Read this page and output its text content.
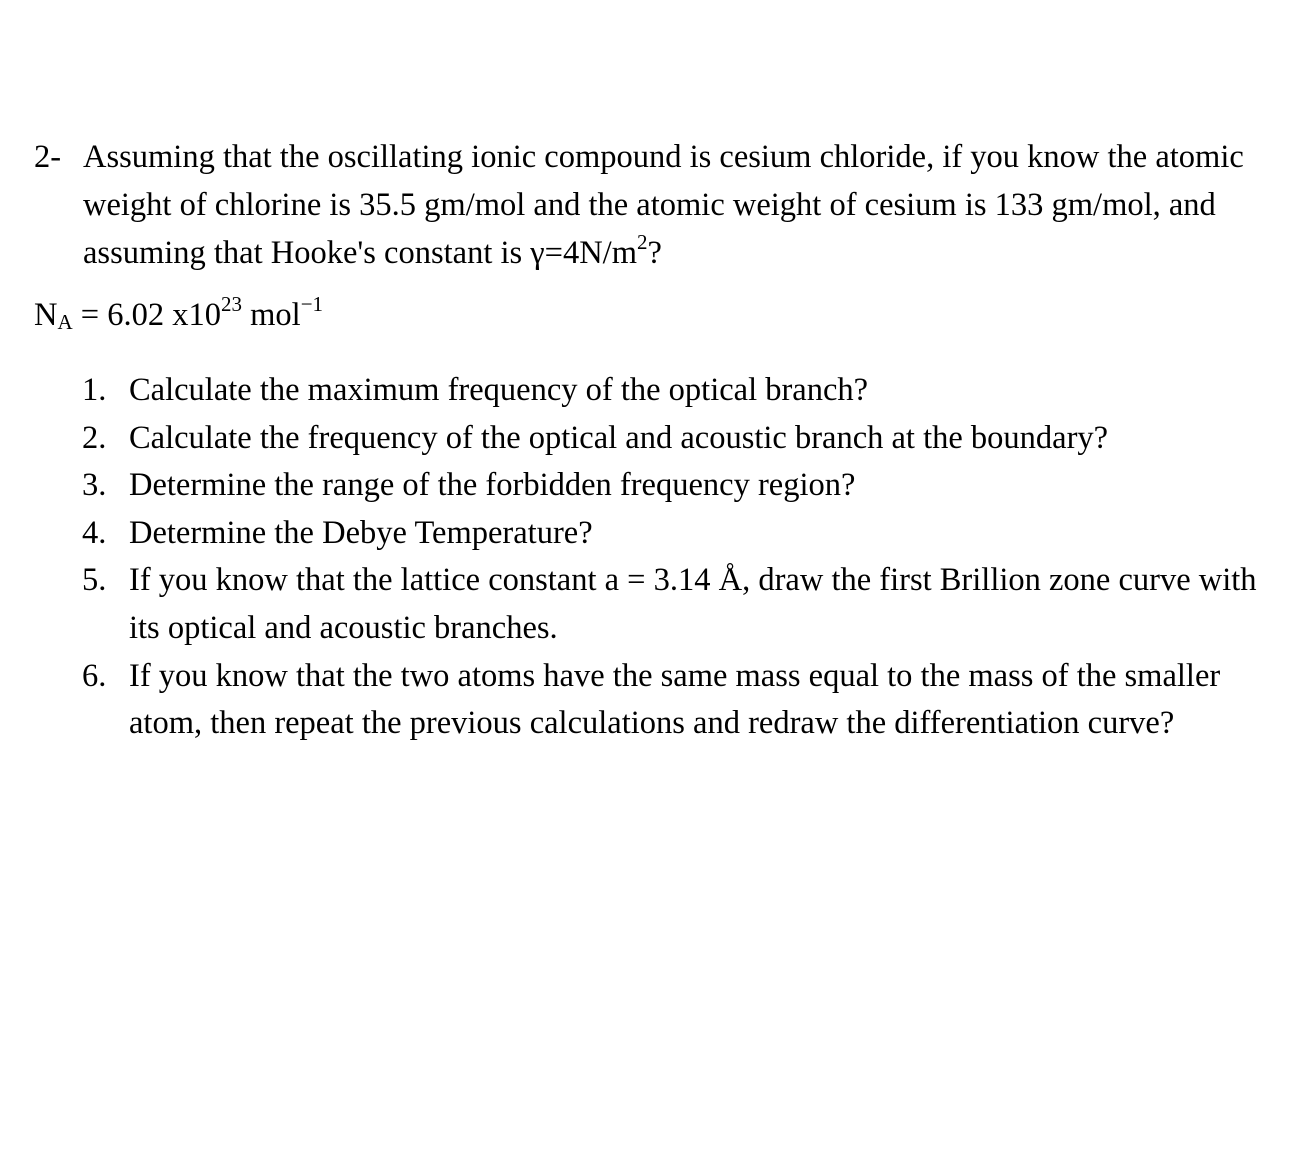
2- Assuming that the oscillating ionic compound is cesium chloride, if you know the atomic weight of chlorine is 35.5 gm/mol and the atomic weight of cesium is 133 gm/mol, and assuming that Hooke's constant is $\gamma=4N/m^2$?
$N_A = 6.02$ $x10^{23}$ mol$^{-1}$
1. Calculate the maximum frequency of the optical branch?
2. Calculate the frequency of the optical and acoustic branch at the boundary?
3. Determine the range of the forbidden frequency region?
4. Determine the Debye Temperature?
5. If you know that the lattice constant a = 3.14 Å, draw the first Brillion zone curve with its optical and acoustic branches.
6. If you know that the two atoms have the same mass equal to the mass of the smaller atom, then repeat the previous calculations and redraw the differentiation curve?
